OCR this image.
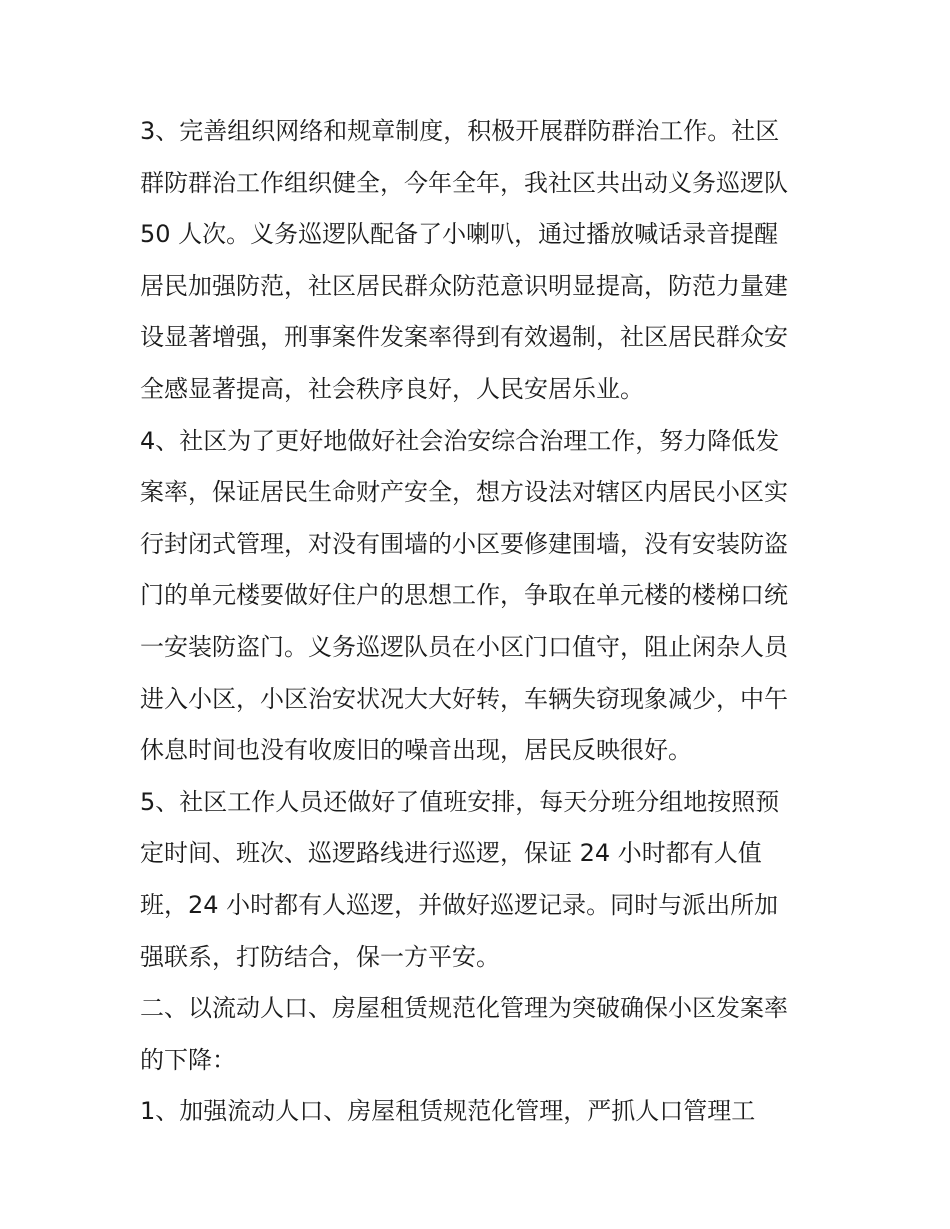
3、完善组织网络和规章制度，积极开展群防群治工作。社区
群防群治工作组织健全，今年全年，我社区共出动义务巡逻队
50 人次。义务巡逻队配备了小喇叭，通过播放喊话录音提醒
居民加强防范，社区居民群众防范意识明显提高，防范力量建
设显著增强，刑事案件发案率得到有效遏制，社区居民群众安
全感显著提高，社会秩序良好，人民安居乐业。
4、社区为了更好地做好社会治安综合治理工作，努力降低发
案率，保证居民生命财产安全，想方设法对辖区内居民小区实
行封闭式管理，对没有围墙的小区要修建围墙，没有安装防盗
门的单元楼要做好住户的思想工作，争取在单元楼的楼梯口统
一安装防盗门。义务巡逻队员在小区门口值守，阻止闲杂人员
进入小区，小区治安状况大大好转，车辆失窃现象减少，中午
休息时间也没有收废旧的噪音出现，居民反映很好。
5、社区工作人员还做好了值班安排，每天分班分组地按照预
定时间、班次、巡逻路线进行巡逻，保证 24 小时都有人值
班，24 小时都有人巡逻，并做好巡逻记录。同时与派出所加
强联系，打防结合，保一方平安。
二、以流动人口、房屋租赁规范化管理为突破确保小区发案率
的下降：
1、加强流动人口、房屋租赁规范化管理，严抓人口管理工
